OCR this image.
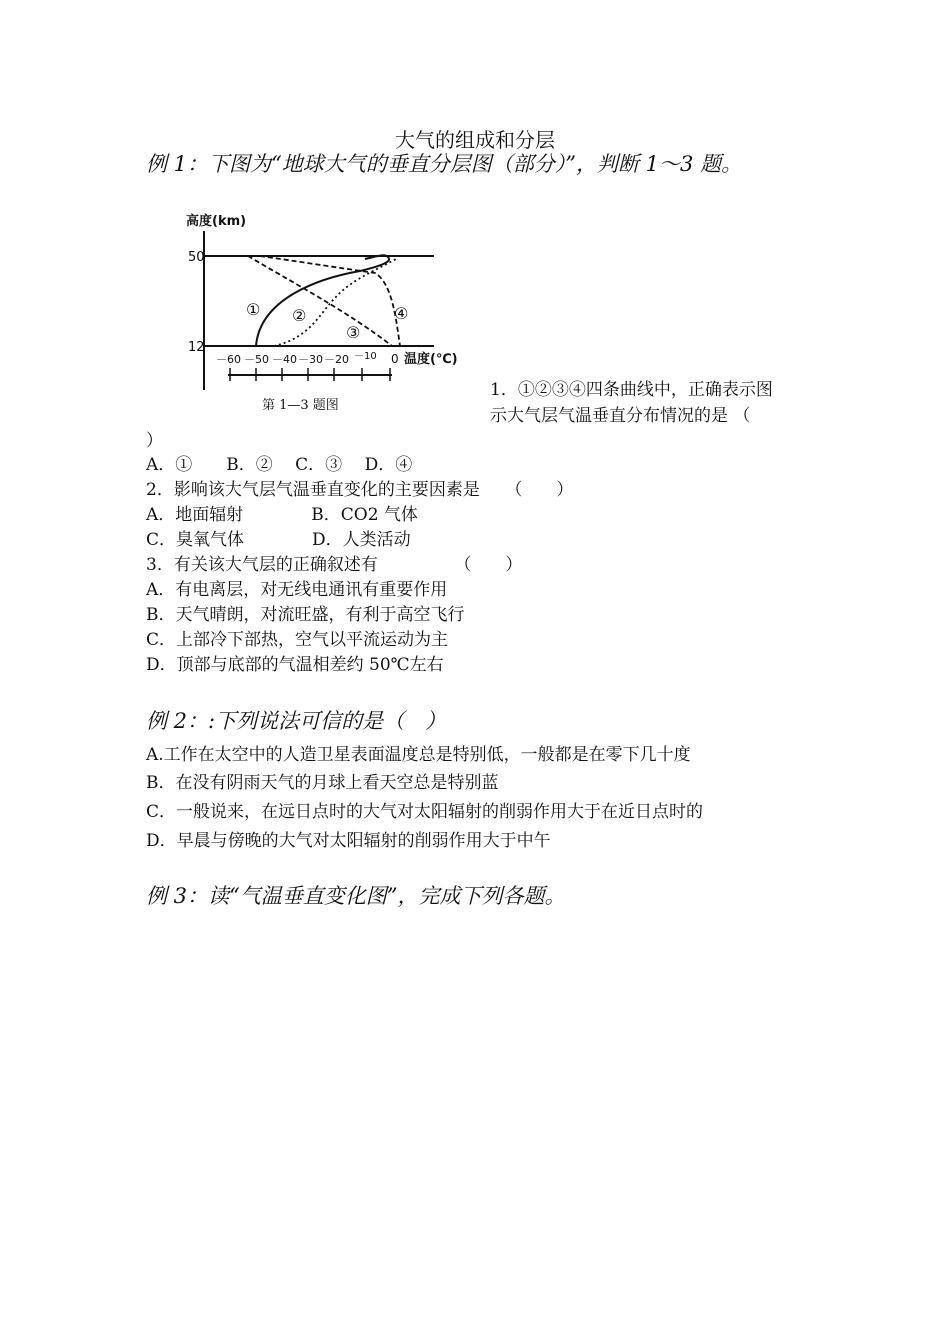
大气的组成和分层
例 1：下图为“地球大气的垂直分层图（部分）”，判断 1～3 题。
高度(km)
50
12
－60 －50 －40 －30 －20 －10 0 温度(℃)
① ②
③
④
第 1—3 题图
1．①②③④四条曲线中，正确表示图
示大气层气温垂直分布情况的是 （
）
A．①　　B．②　 C．③　 D．④
2．影响该大气层气温垂直变化的主要因素是　　（　　）
A．地面辐射　　　　B．CO2 气体
C．臭氧气体　　　　D．人类活动
3．有关该大气层的正确叙述有　　　　　（　　）
A．有电离层，对无线电通讯有重要作用
B．天气晴朗，对流旺盛，有利于高空飞行
C．上部冷下部热，空气以平流运动为主
D．顶部与底部的气温相差约 50℃左右
例 2：:下列说法可信的是（　）
A.工作在太空中的人造卫星表面温度总是特别低，一般都是在零下几十度
B．在没有阴雨天气的月球上看天空总是特别蓝
C．一般说来，在远日点时的大气对太阳辐射的削弱作用大于在近日点时的
D．早晨与傍晚的大气对太阳辐射的削弱作用大于中午
例 3：读“气温垂直变化图”，完成下列各题。
